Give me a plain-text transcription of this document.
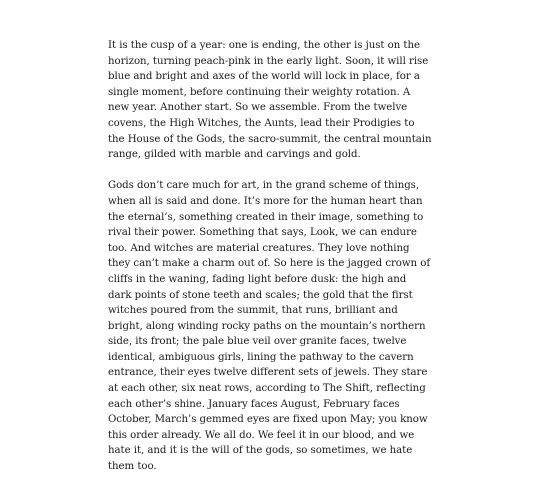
It is the cusp of a year: one is ending, the other is just on the horizon, turning peach-pink in the early light. Soon, it will rise blue and bright and axes of the world will lock in place, for a single moment, before continuing their weighty rotation. A new year. Another start. So we assemble. From the twelve covens, the High Witches, the Aunts, lead their Prodigies to the House of the Gods, the sacro-summit, the central mountain range, gilded with marble and carvings and gold.

Gods don’t care much for art, in the grand scheme of things, when all is said and done. It’s more for the human heart than the eternal’s, something created in their image, something to rival their power. Something that says, Look, we can endure too. And witches are material creatures. They love nothing they can’t make a charm out of. So here is the jagged crown of cliffs in the waning, fading light before dusk: the high and dark points of stone teeth and scales; the gold that the first witches poured from the summit, that runs, brilliant and bright, along winding rocky paths on the mountain’s northern side, its front; the pale blue veil over granite faces, twelve identical, ambiguous girls, lining the pathway to the cavern entrance, their eyes twelve different sets of jewels. They stare at each other, six neat rows, according to The Shift, reflecting each other’s shine. January faces August, February faces October, March’s gemmed eyes are fixed upon May; you know this order already. We all do. We feel it in our blood, and we hate it, and it is the will of the gods, so sometimes, we hate them too.
